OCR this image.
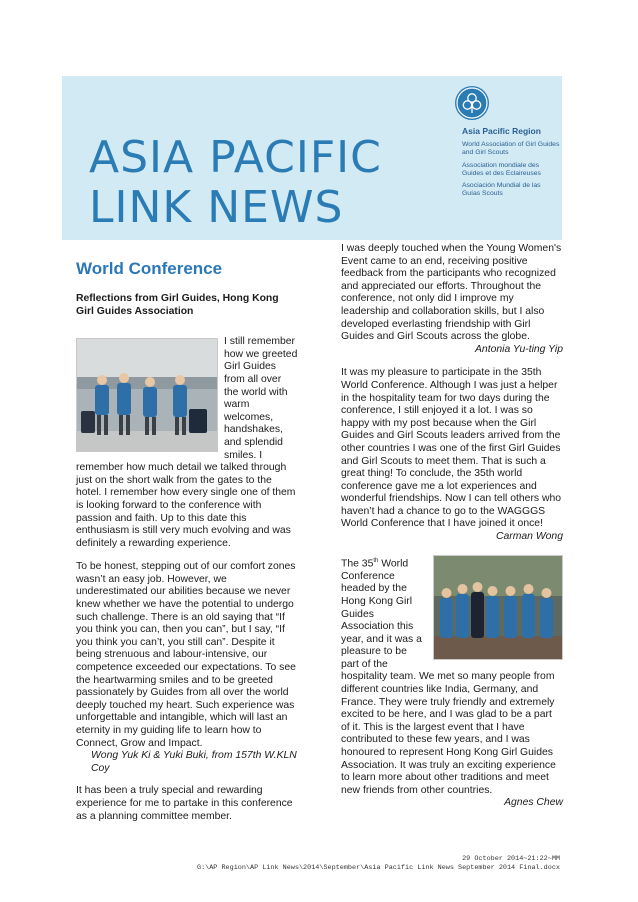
ASIA PACIFIC
LINK NEWS
Asia Pacific Region
World Association of Girl Guides and Girl Scouts
Association mondiale des Guides et des Eclaireuses
Asociación Mundial de las Guías Scouts

World Conference

Reflections from Girl Guides, Hong Kong Girl Guides Association

I still remember how we greeted Girl Guides from all over the world with warm welcomes, handshakes, and splendid smiles. I remember how much detail we talked through just on the short walk from the gates to the hotel. I remember how every single one of them is looking forward to the conference with passion and faith. Up to this date this enthusiasm is still very much evolving and was definitely a rewarding experience.

To be honest, stepping out of our comfort zones wasn’t an easy job. However, we underestimated our abilities because we never knew whether we have the potential to undergo such challenge. There is an old saying that “If you think you can, then you can”, but I say, “If you think you can’t, you still can”. Despite it being strenuous and labour-intensive, our competence exceeded our expectations. To see the heartwarming smiles and to be greeted passionately by Guides from all over the world deeply touched my heart. Such experience was unforgettable and intangible, which will last an eternity in my guiding life to learn how to Connect, Grow and Impact.

Wong Yuk Ki & Yuki Buki, from 157th W.KLN Coy

It has been a truly special and rewarding experience for me to partake in this conference as a planning committee member.

I was deeply touched when the Young Women's Event came to an end, receiving positive feedback from the participants who recognized and appreciated our efforts. Throughout the conference, not only did I improve my leadership and collaboration skills, but I also developed everlasting friendship with Girl Guides and Girl Scouts across the globe.

Antonia Yu-ting Yip

It was my pleasure to participate in the 35th World Conference. Although I was just a helper in the hospitality team for two days during the conference, I still enjoyed it a lot. I was so happy with my post because when the Girl Guides and Girl Scouts leaders arrived from the other countries I was one of the first Girl Guides and Girl Scouts to meet them. That is such a great thing! To conclude, the 35th world conference gave me a lot experiences and wonderful friendships. Now I can tell others who haven’t had a chance to go to the WAGGGS World Conference that I have joined it once!

Carman Wong

The 35th World Conference headed by the Hong Kong Girl Guides Association this year, and it was a pleasure to be part of the hospitality team. We met so many people from different countries like India, Germany, and France. They were truly friendly and extremely excited to be here, and I was glad to be a part of it. This is the largest event that I have contributed to these few years, and I was honoured to represent Hong Kong Girl Guides Association. It was truly an exciting experience to learn more about other traditions and meet new friends from other countries.

Agnes Chew

29 October 2014~21:22~MM
G:\AP Region\AP Link News\2014\September\Asia Pacific Link News September 2014 Final.docx
